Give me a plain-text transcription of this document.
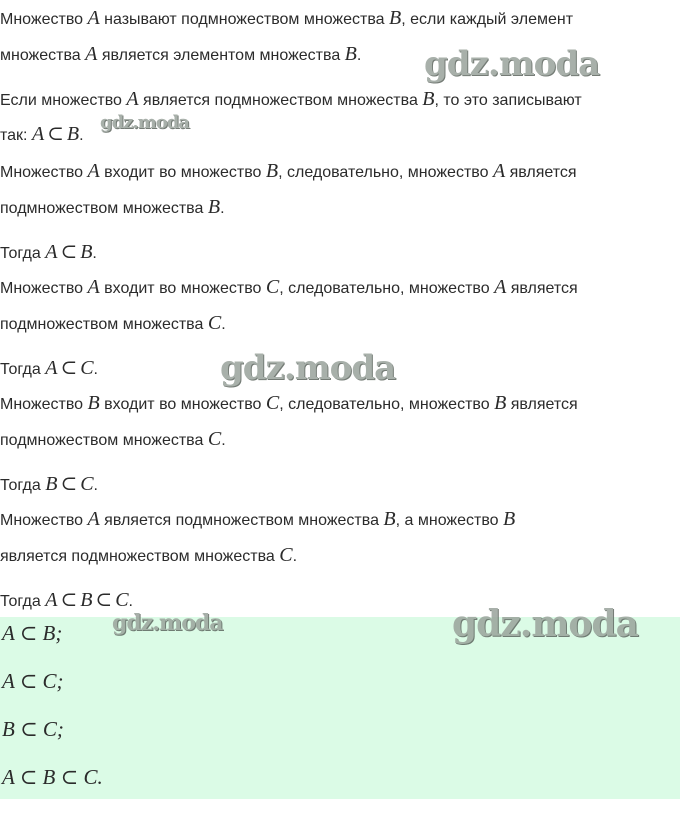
Множество A называют подмножеством множества B, если каждый элемент

множества A является элементом множества B.

Если множество A является подмножеством множества B, то это записывают

так: A ⊂ B.

Множество A входит во множество B, следовательно, множество A является

подмножеством множества B.

Тогда A ⊂ B.

Множество A входит во множество C, следовательно, множество A является

подмножеством множества C.

Тогда A ⊂ C.

Множество B входит во множество C, следовательно, множество B является

подмножеством множества C.

Тогда B ⊂ C.

Множество A является подмножеством множества B, а множество B

является подмножеством множества C.

Тогда A ⊂ B ⊂ C.

A ⊂ B;
A ⊂ C;
B ⊂ C;
A ⊂ B ⊂ C.
gdz.moda
gdz.moda
gdz.moda
gdz.moda	gdz.moda
